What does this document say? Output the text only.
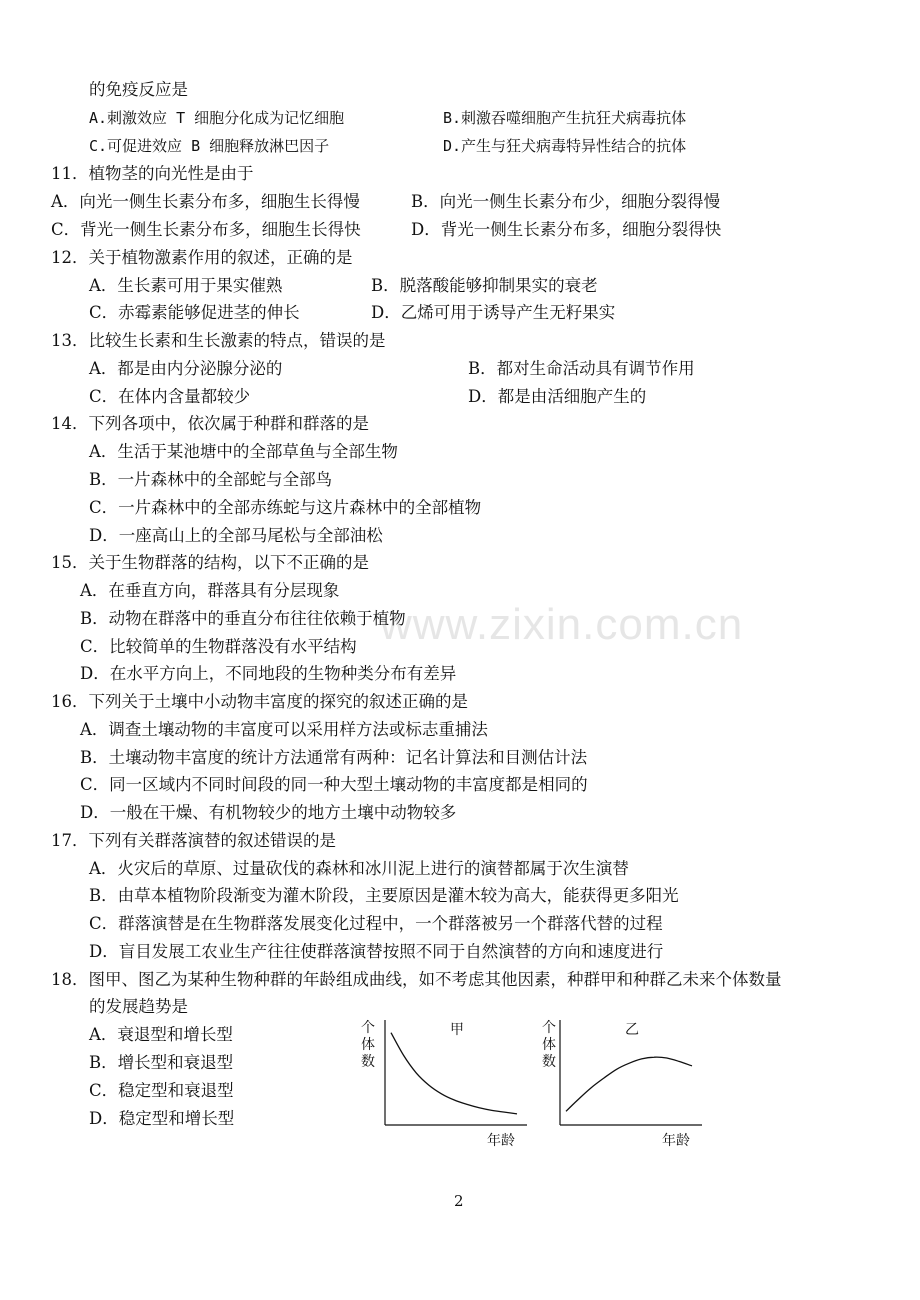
www.zixin.com.cn
的免疫反应是
A.刺激效应 T 细胞分化成为记忆细胞	B.刺激吞噬细胞产生抗狂犬病毒抗体
C.可促进效应 B 细胞释放淋巴因子	D.产生与狂犬病毒特异性结合的抗体
11．植物茎的向光性是由于
A．向光一侧生长素分布多，细胞生长得慢	B．向光一侧生长素分布少，细胞分裂得慢
C．背光一侧生长素分布多，细胞生长得快	D．背光一侧生长素分布多，细胞分裂得快
12．关于植物激素作用的叙述，正确的是
A．生长素可用于果实催熟	B．脱落酸能够抑制果实的衰老
C．赤霉素能够促进茎的伸长	D．乙烯可用于诱导产生无籽果实
13．比较生长素和生长激素的特点，错误的是
A．都是由内分泌腺分泌的	B．都对生命活动具有调节作用
C．在体内含量都较少	D．都是由活细胞产生的
14．下列各项中，依次属于种群和群落的是
A．生活于某池塘中的全部草鱼与全部生物
B．一片森林中的全部蛇与全部鸟
C．一片森林中的全部赤练蛇与这片森林中的全部植物
D．一座高山上的全部马尾松与全部油松
15．关于生物群落的结构，以下不正确的是
A．在垂直方向，群落具有分层现象
B．动物在群落中的垂直分布往往依赖于植物
C．比较简单的生物群落没有水平结构
D．在水平方向上，不同地段的生物种类分布有差异
16．下列关于土壤中小动物丰富度的探究的叙述正确的是
A．调查土壤动物的丰富度可以采用样方法或标志重捕法
B．土壤动物丰富度的统计方法通常有两种：记名计算法和目测估计法
C．同一区域内不同时间段的同一种大型土壤动物的丰富度都是相同的
D．一般在干燥、有机物较少的地方土壤中动物较多
17．下列有关群落演替的叙述错误的是
A．火灾后的草原、过量砍伐的森林和冰川泥上进行的演替都属于次生演替
B．由草本植物阶段渐变为灌木阶段，主要原因是灌木较为高大，能获得更多阳光
C．群落演替是在生物群落发展变化过程中，一个群落被另一个群落代替的过程
D．盲目发展工农业生产往往使群落演替按照不同于自然演替的方向和速度进行
18．图甲、图乙为某种生物种群的年龄组成曲线，如不考虑其他因素，种群甲和种群乙未来个体数量
的发展趋势是
A．衰退型和增长型
B．增长型和衰退型
C．稳定型和衰退型
D．稳定型和增长型
甲
个体数
年龄
乙
个体数
年龄
2
